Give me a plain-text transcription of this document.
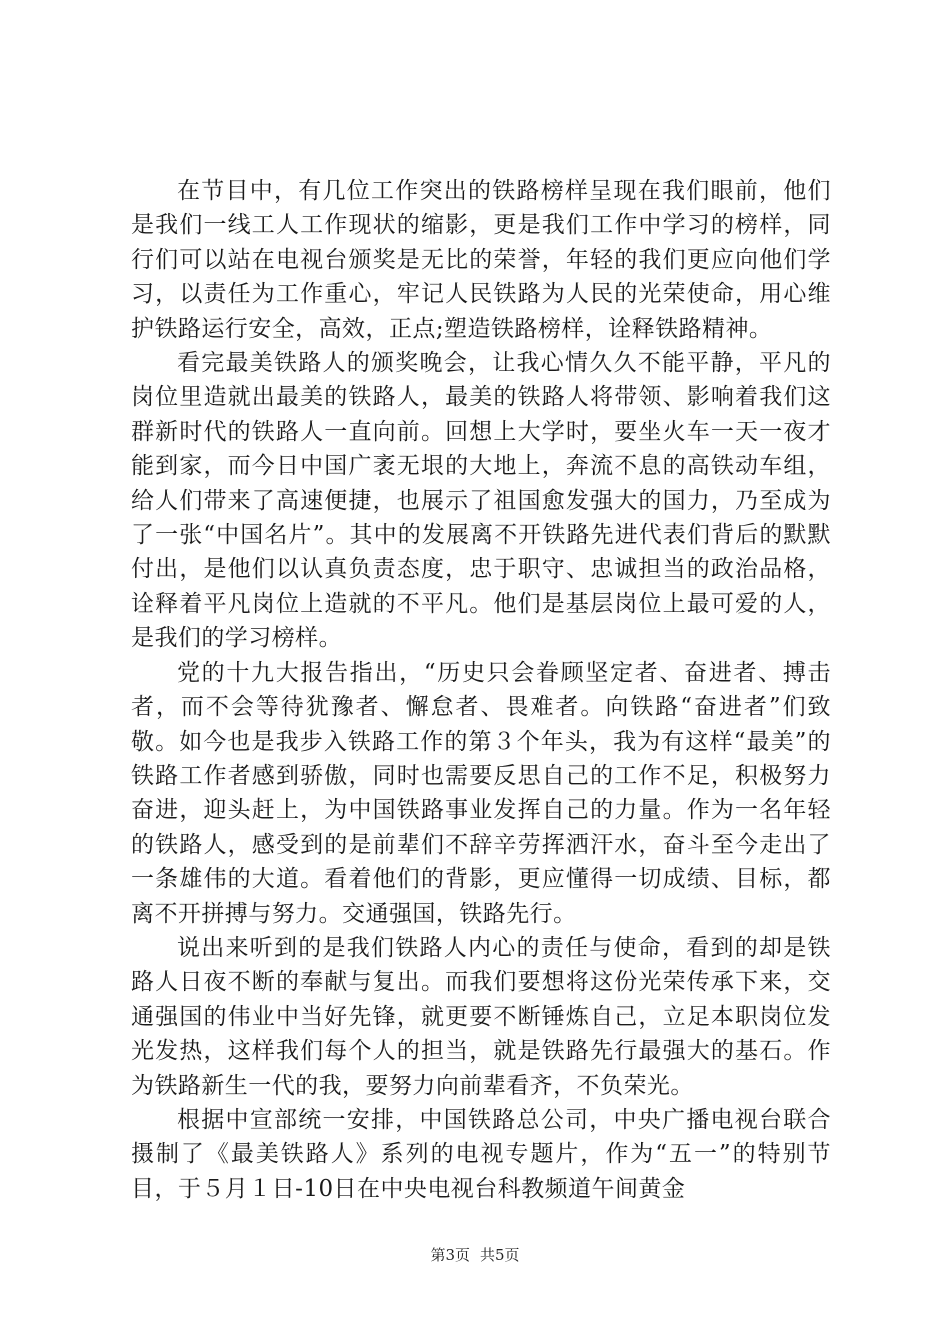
在节目中，有几位工作突出的铁路榜样呈现在我们眼前，他们是我们一线工人工作现状的缩影，更是我们工作中学习的榜样，同行们可以站在电视台颁奖是无比的荣誉，年轻的我们更应向他们学习，以责任为工作重心，牢记人民铁路为人民的光荣使命，用心维护铁路运行安全，高效，正点;塑造铁路榜样，诠释铁路精神。

看完最美铁路人的颁奖晚会，让我心情久久不能平静，平凡的岗位里造就出最美的铁路人，最美的铁路人将带领、影响着我们这群新时代的铁路人一直向前。回想上大学时，要坐火车一天一夜才能到家，而今日中国广袤无垠的大地上，奔流不息的高铁动车组，给人们带来了高速便捷，也展示了祖国愈发强大的国力，乃至成为了一张“中国名片”。其中的发展离不开铁路先进代表们背后的默默付出，是他们以认真负责态度，忠于职守、忠诚担当的政治品格，诠释着平凡岗位上造就的不平凡。他们是基层岗位上最可爱的人，是我们的学习榜样。

党的十九大报告指出，“历史只会眷顾坚定者、奋进者、搏击者，而不会等待犹豫者、懈怠者、畏难者。向铁路“奋进者”们致敬。如今也是我步入铁路工作的第３个年头，我为有这样“最美”的铁路工作者感到骄傲，同时也需要反思自己的工作不足，积极努力奋进，迎头赶上，为中国铁路事业发挥自己的力量。作为一名年轻的铁路人，感受到的是前辈们不辞辛劳挥洒汗水，奋斗至今走出了一条雄伟的大道。看着他们的背影，更应懂得一切成绩、目标，都离不开拼搏与努力。交通强国，铁路先行。

说出来听到的是我们铁路人内心的责任与使命，看到的却是铁路人日夜不断的奉献与复出。而我们要想将这份光荣传承下来，交通强国的伟业中当好先锋，就更要不断锤炼自己，立足本职岗位发光发热，这样我们每个人的担当，就是铁路先行最强大的基石。作为铁路新生一代的我，要努力向前辈看齐，不负荣光。

根据中宣部统一安排，中国铁路总公司，中央广播电视台联合摄制了《最美铁路人》系列的电视专题片，作为“五一”的特别节目，于５月１日-10日在中央电视台科教频道午间黄金

第3页 共5页
